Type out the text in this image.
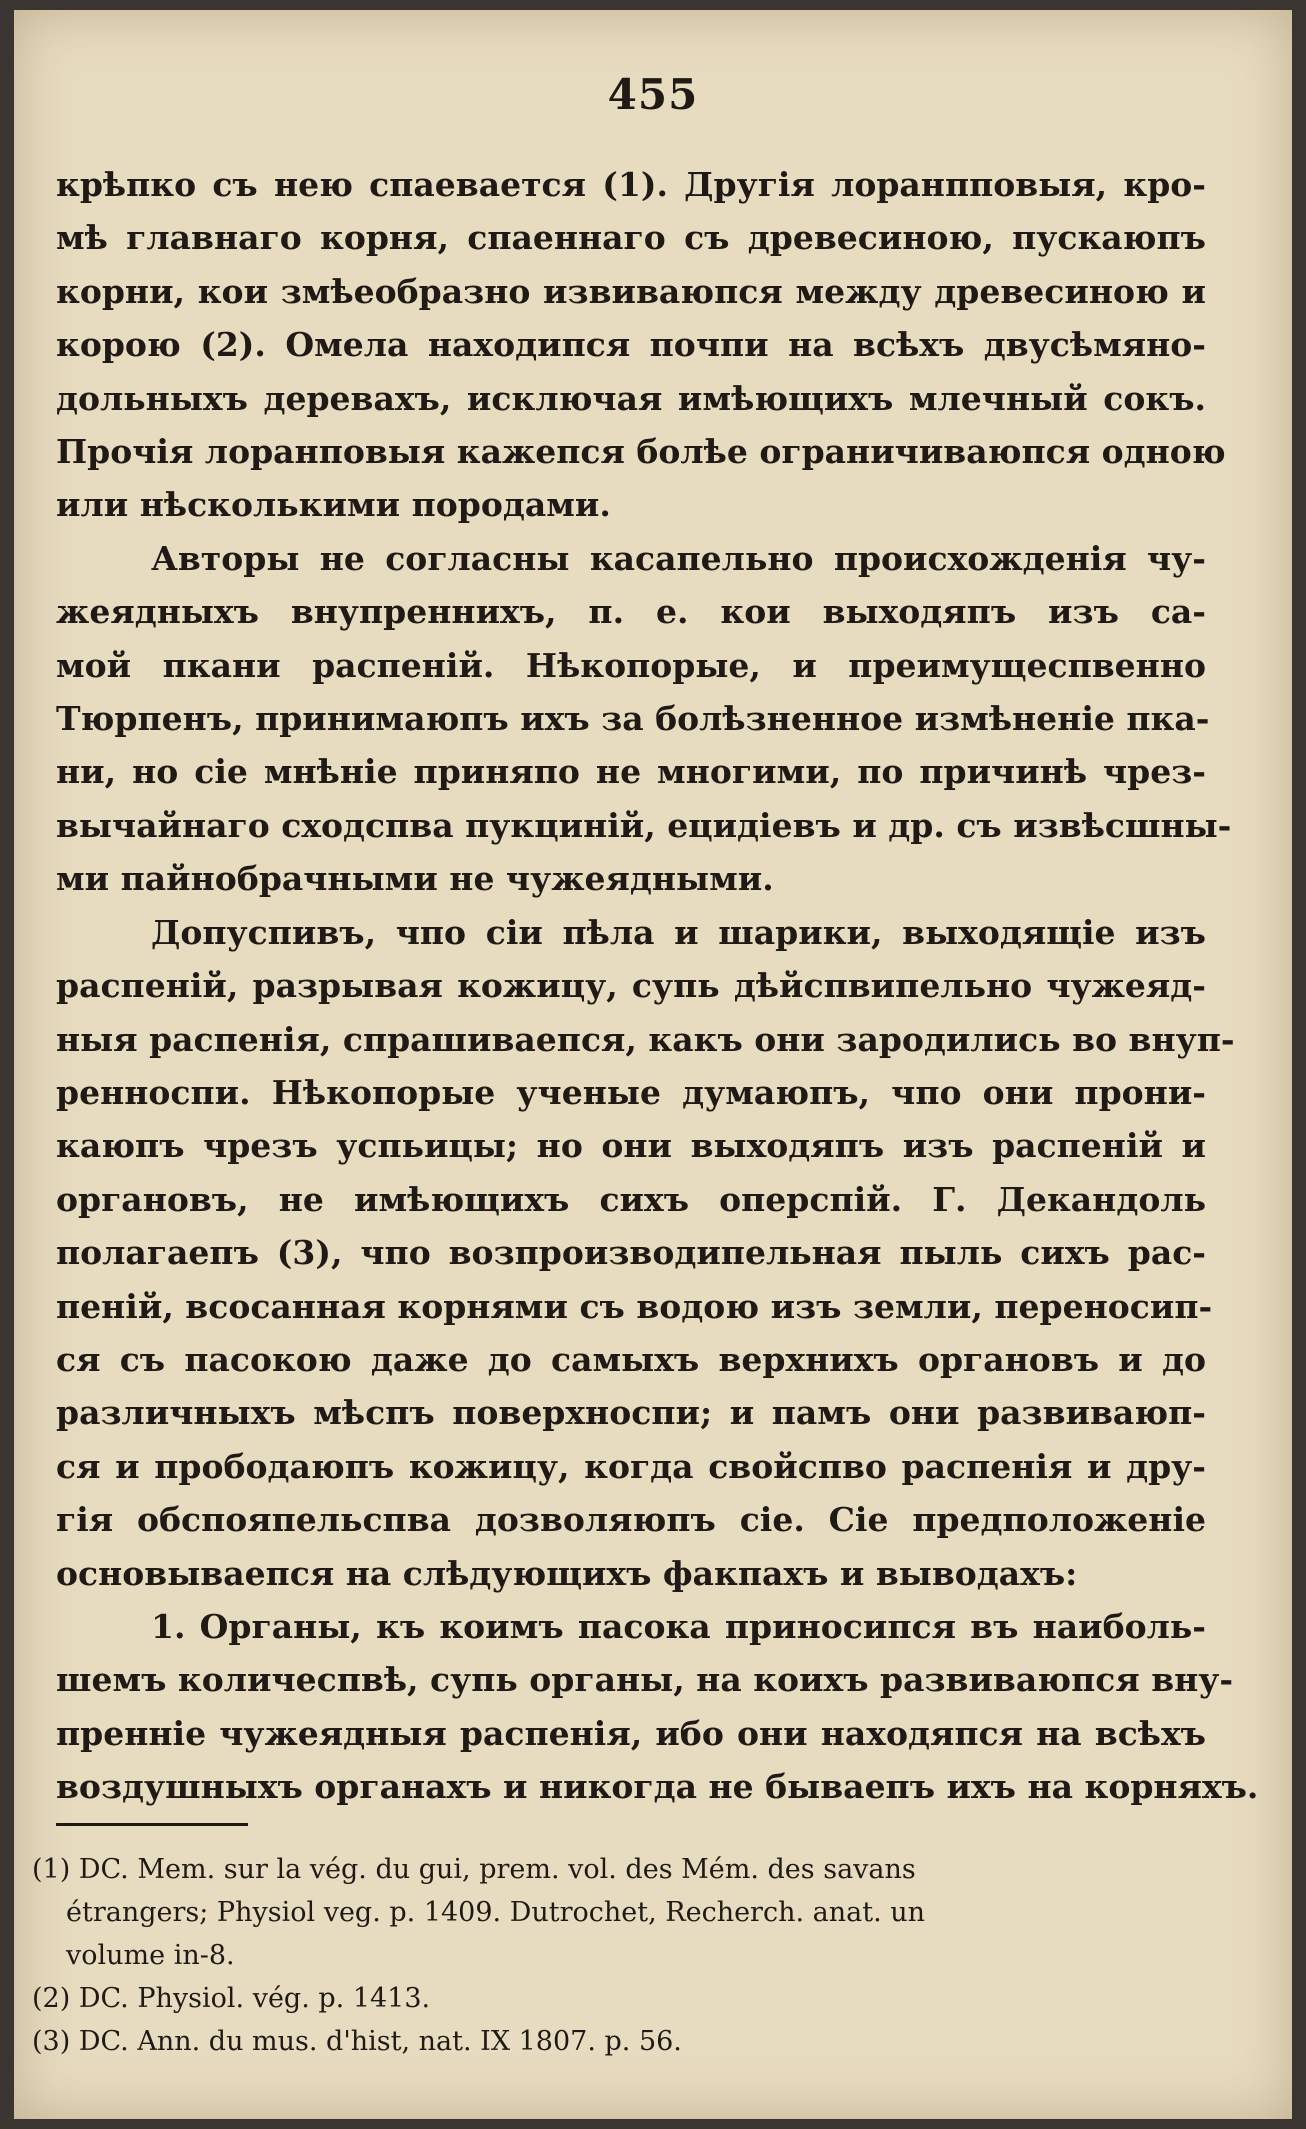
455
крѣпко съ нею спаевается (1). Другія лоранпповыя, кро-
мѣ главнаго корня, спаеннаго съ древесиною, пускаюпъ
корни, кои змѣеобразно извиваюпся между древесиною и
корою (2). Омела находипся почпи на всѣхъ двусѣмяно-
дольныхъ деревахъ, исключая имѣющихъ млечный сокъ.
Прочія лоранповыя кажепся болѣе ограничиваюпся одною
или нѣсколькими породами.
Авторы не согласны касапельно происхожденія чу-
жеядныхъ внупреннихъ, п. е. кои выходяпъ изъ са-
мой пкани распеній. Нѣкопорые, и преимущеспвенно
Тюрпенъ, принимаюпъ ихъ за болѣзненное измѣненіе пка-
ни, но сіе мнѣніе приняпо не многими, по причинѣ чрез-
вычайнаго сходспва пукциній, ецидіевъ и др. съ извѣсшны-
ми пайнобрачными не чужеядными.
Допуспивъ, чпо сіи пѣла и шарики, выходящіе изъ
распеній, разрывая кожицу, супь дѣйспвипельно чужеяд-
ныя распенія, спрашиваепся, какъ они зародились во внуп-
ренноспи. Нѣкопорые ученые думаюпъ, чпо они прони-
каюпъ чрезъ успьицы; но они выходяпъ изъ распеній и
органовъ, не имѣющихъ сихъ оперспій. Г. Декандоль
полагаепъ (3), чпо возпроизводипельная пыль сихъ рас-
пеній, всосанная корнями съ водою изъ земли, переносип-
ся съ пасокою даже до самыхъ верхнихъ органовъ и до
различныхъ мѣспъ поверхноспи; и памъ они развиваюп-
ся и прободаюпъ кожицу, когда свойспво распенія и дру-
гія обспояпельспва дозволяюпъ сіе. Сіе предположеніе
основываепся на слѣдующихъ факпахъ и выводахъ:
1. Органы, къ коимъ пасока приносипся въ наиболь-
шемъ количеспвѣ, супь органы, на коихъ развиваюпся вну-
пренніе чужеядныя распенія, ибо они находяпся на всѣхъ
воздушныхъ органахъ и никогда не бываепъ ихъ на корняхъ.
(1) DC. Mem. sur la vég. du gui, prem. vol. des Mém. des savans
étrangers; Physiol veg. p. 1409. Dutrochet, Recherch. anat. un
volume in-8.
(2) DC. Physiol. vég. p. 1413.
(3) DC. Ann. du mus. d'hist, nat. IX 1807. p. 56.
